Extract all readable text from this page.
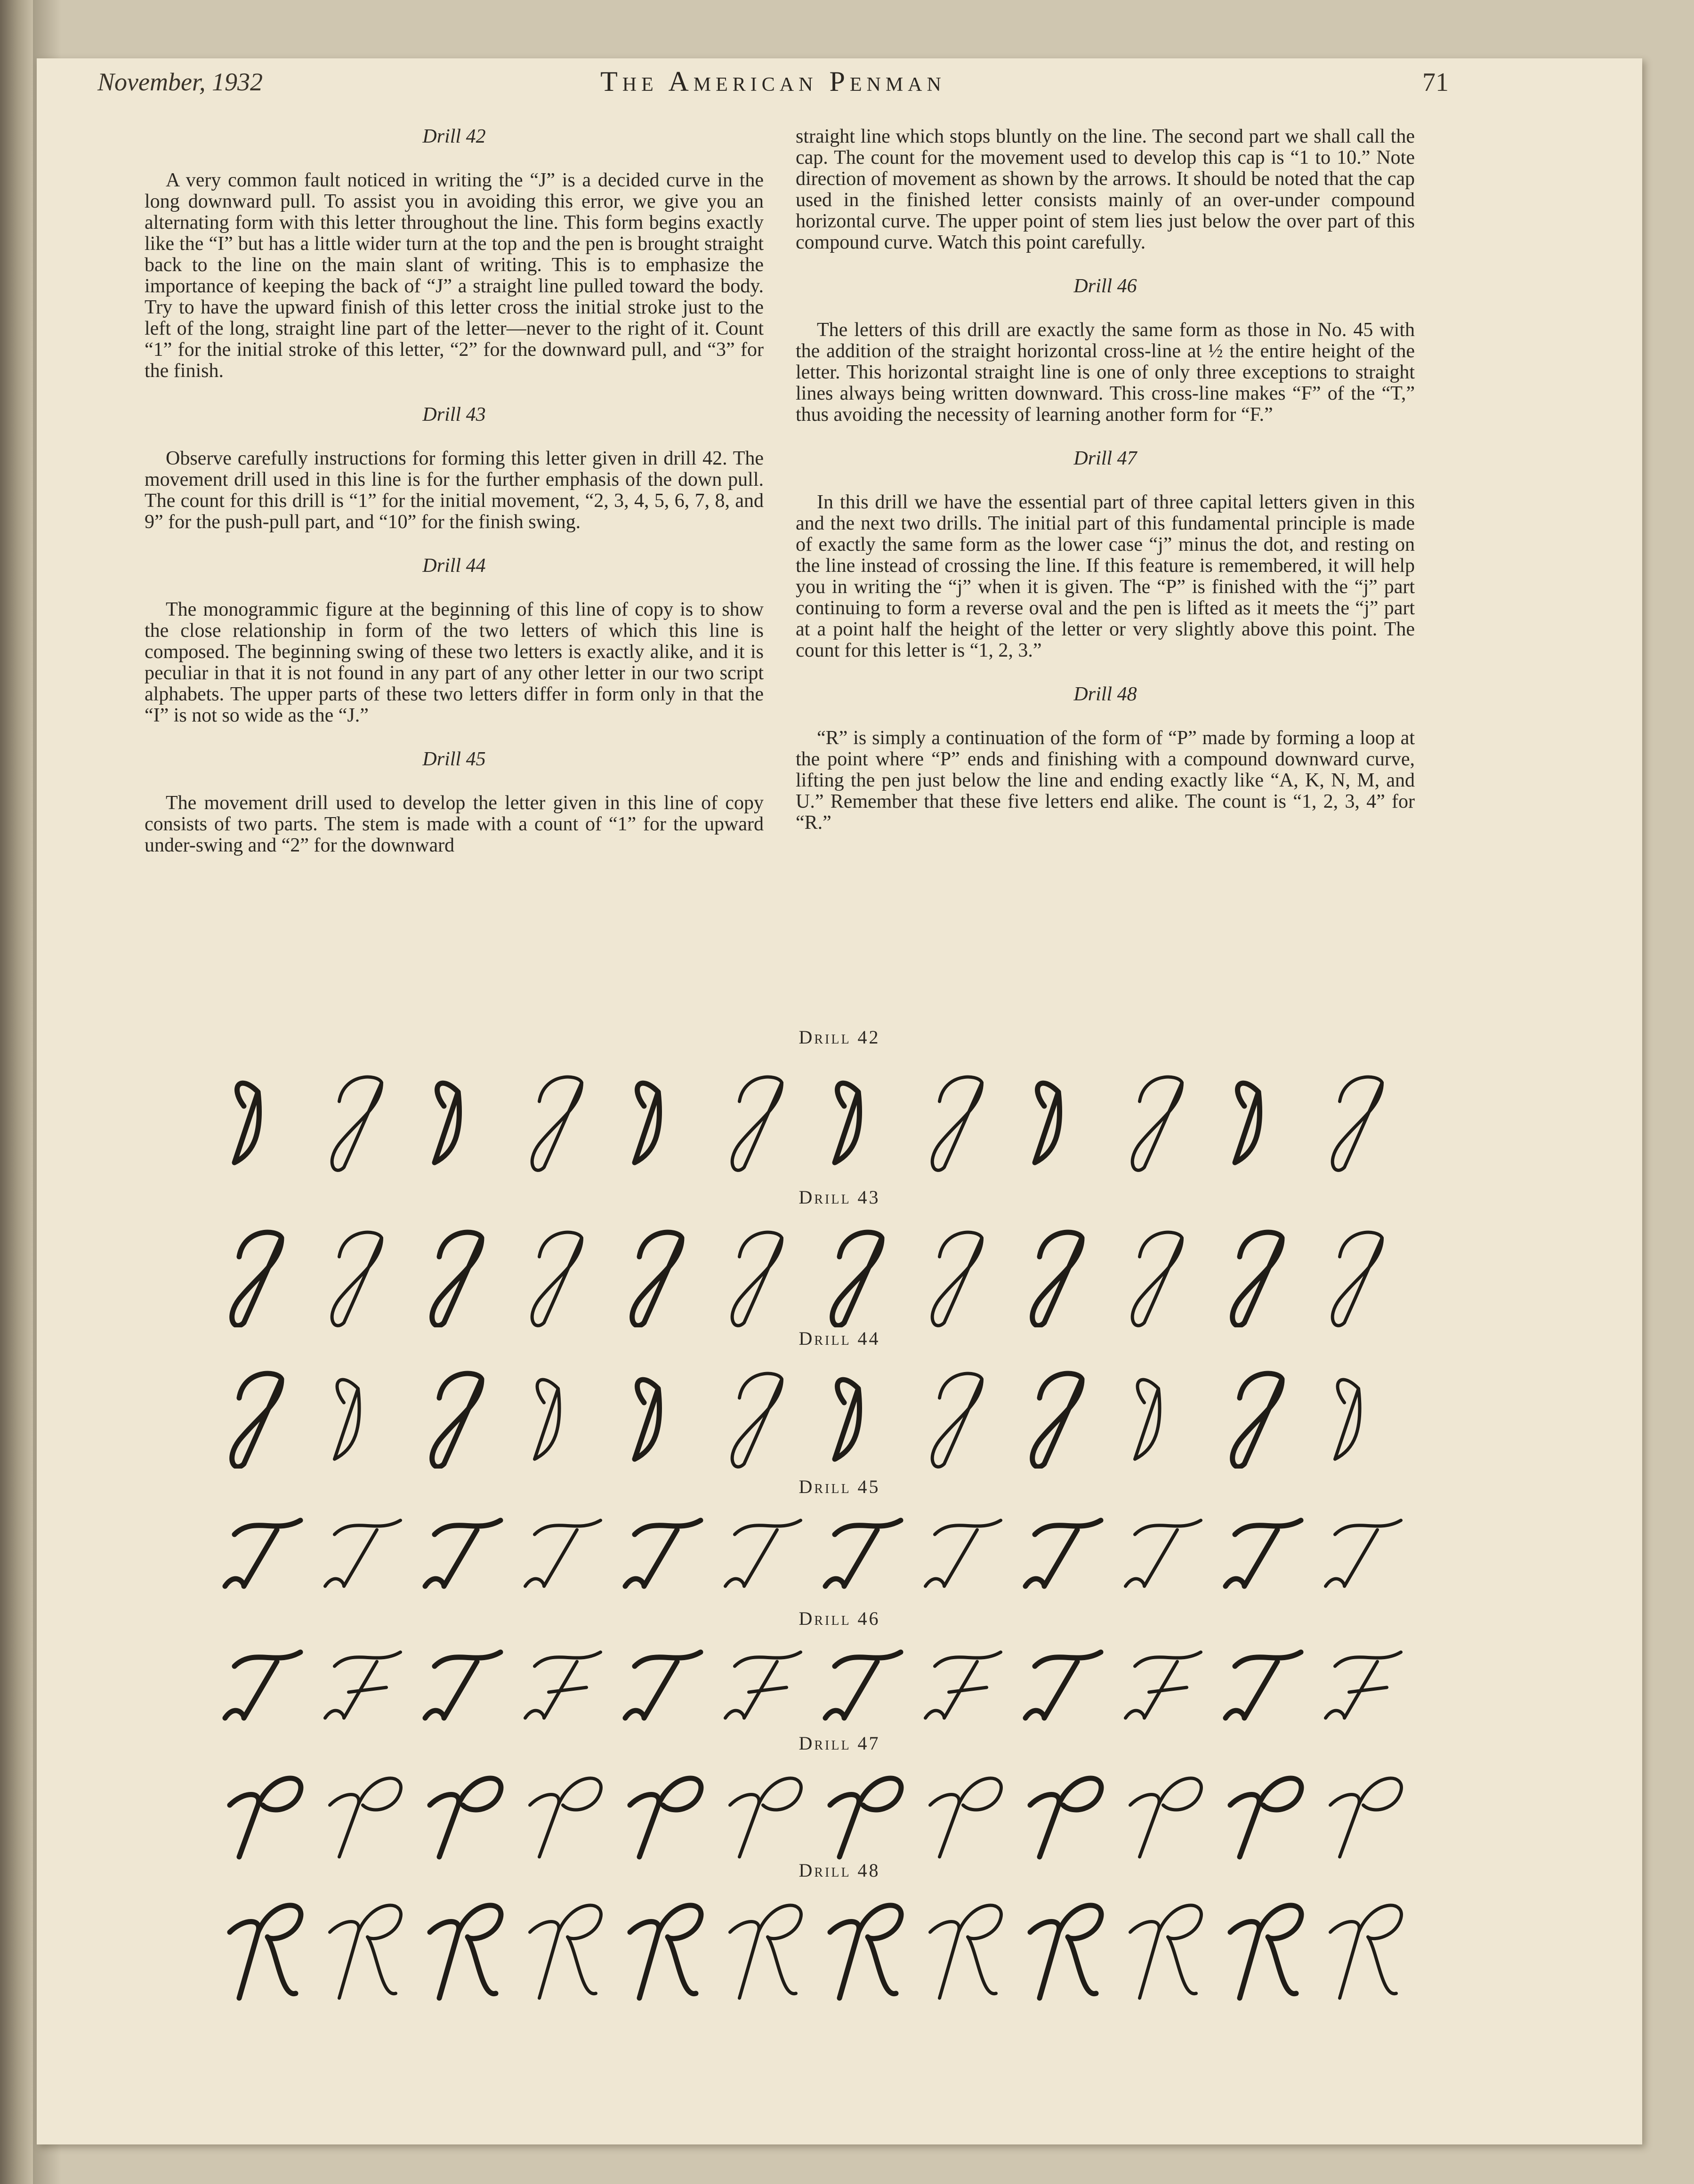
November, 1932	The American Penman	71
Drill 42
A very common fault noticed in writing the “J” is a decided curve in the long downward pull. To assist you in avoiding this error, we give you an alternating form with this letter throughout the line. This form begins exactly like the “I” but has a little wider turn at the top and the pen is brought straight back to the line on the main slant of writing. This is to emphasize the importance of keeping the back of “J” a straight line pulled toward the body. Try to have the upward finish of this letter cross the initial stroke just to the left of the long, straight line part of the letter—never to the right of it. Count “1” for the initial stroke of this letter, “2” for the downward pull, and “3” for the finish.
Drill 43
Observe carefully instructions for forming this letter given in drill 42. The movement drill used in this line is for the further emphasis of the down pull. The count for this drill is “1” for the initial movement, “2, 3, 4, 5, 6, 7, 8, and 9” for the push-pull part, and “10” for the finish swing.
Drill 44
The monogrammic figure at the beginning of this line of copy is to show the close relationship in form of the two letters of which this line is composed. The beginning swing of these two letters is exactly alike, and it is peculiar in that it is not found in any part of any other letter in our two script alphabets. The upper parts of these two letters differ in form only in that the “I” is not so wide as the “J.”
Drill 45
The movement drill used to develop the letter given in this line of copy consists of two parts. The stem is made with a count of “1” for the upward under-swing and “2” for the downward
straight line which stops bluntly on the line. The second part we shall call the cap. The count for the movement used to develop this cap is “1 to 10.” Note direction of movement as shown by the arrows. It should be noted that the cap used in the finished letter consists mainly of an over-under compound horizontal curve. The upper point of stem lies just below the over part of this compound curve. Watch this point carefully.
Drill 46
The letters of this drill are exactly the same form as those in No. 45 with the addition of the straight horizontal cross-line at ½ the entire height of the letter. This horizontal straight line is one of only three exceptions to straight lines always being written downward. This cross-line makes “F” of the “T,” thus avoiding the necessity of learning another form for “F.”
Drill 47
In this drill we have the essential part of three capital letters given in this and the next two drills. The initial part of this fundamental principle is made of exactly the same form as the lower case “j” minus the dot, and resting on the line instead of crossing the line. If this feature is remembered, it will help you in writing the “j” when it is given. The “P” is finished with the “j” part continuing to form a reverse oval and the pen is lifted as it meets the “j” part at a point half the height of the letter or very slightly above this point. The count for this letter is “1, 2, 3.”
Drill 48
“R” is simply a continuation of the form of “P” made by forming a loop at the point where “P” ends and finishing with a compound downward curve, lifting the pen just below the line and ending exactly like “A, K, N, M, and U.” Remember that these five letters end alike. The count is “1, 2, 3, 4” for “R.”
Drill 42
Drill 43
Drill 44
Drill 45
Drill 46
Drill 47
Drill 48
